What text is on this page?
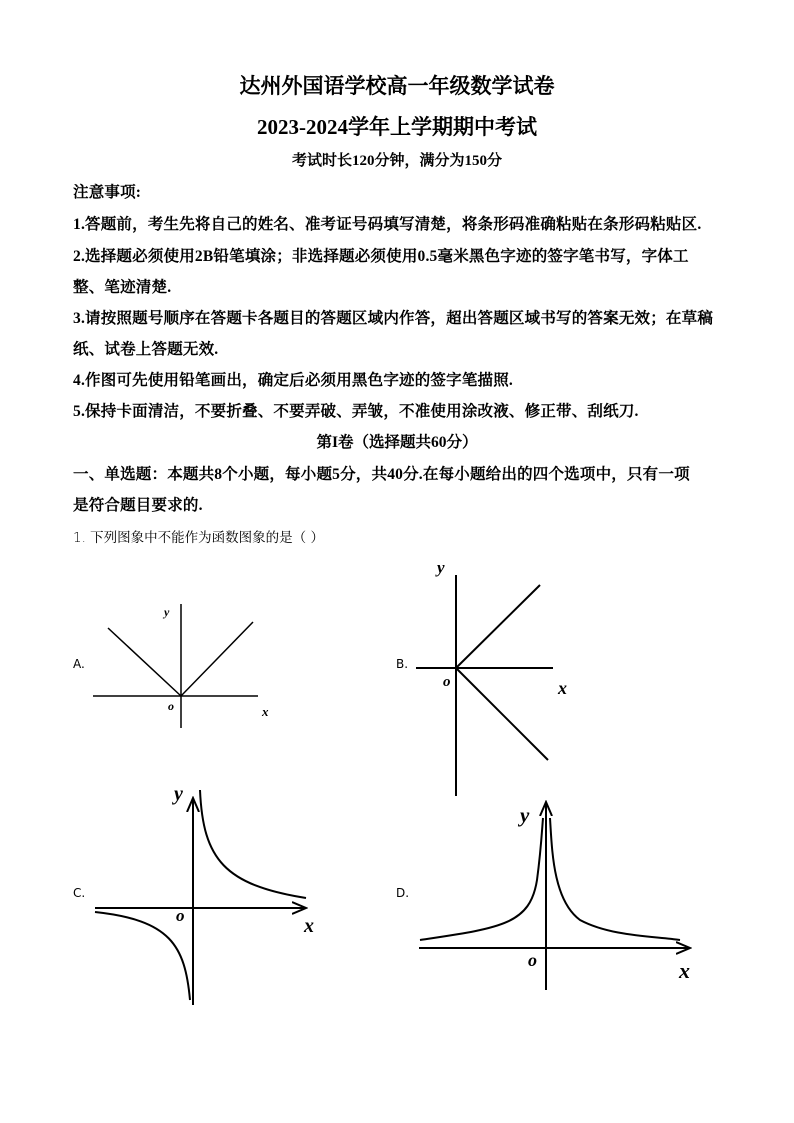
达州外国语学校高一年级数学试卷
2023-2024学年上学期期中考试
考试时长120分钟，满分为150分
注意事项:
1.答题前，考生先将自己的姓名、准考证号码填写清楚，将条形码准确粘贴在条形码粘贴区.
2.选择题必须使用2B铅笔填涂；非选择题必须使用0.5毫米黑色字迹的签字笔书写，字体工
整、笔迹清楚.
3.请按照题号顺序在答题卡各题目的答题区域内作答，超出答题区域书写的答案无效；在草稿
纸、试卷上答题无效.
4.作图可先使用铅笔画出，确定后必须用黑色字迹的签字笔描照.
5.保持卡面清洁，不要折叠、不要弄破、弄皱，不准使用涂改液、修正带、刮纸刀.
第I卷（选择题共60分）
一、单选题：本题共8个小题，每小题5分，共40分.在每小题给出的四个选项中，只有一项
是符合题目要求的.
1. 下列图象中不能作为函数图象的是（ ）
A.	B.
C.	D.
y
o	x
y
o	x
y
o	x
y
o	x
